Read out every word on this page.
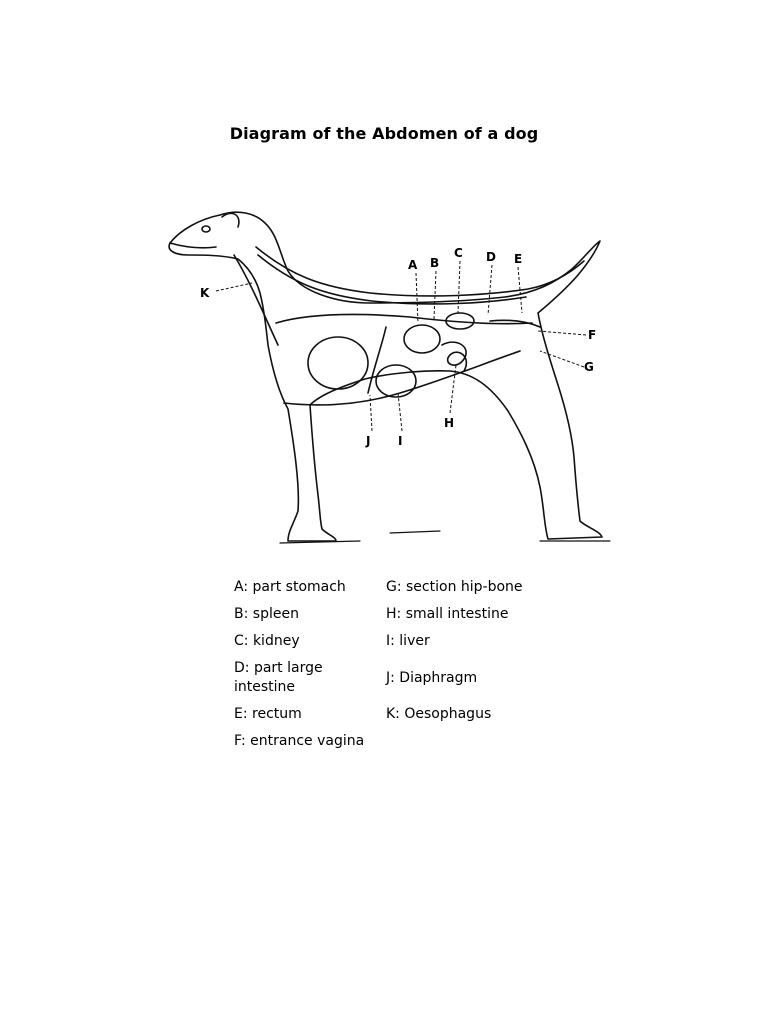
Diagram of the Abdomen of a dog
A B
C D E
F
G
H
I
J
K
A: part stomach	G: section hip-bone
B: spleen	H: small intestine
C: kidney	I: liver
D: part large intestine	J: Diaphragm
E: rectum	K: Oesophagus
F: entrance vagina	
